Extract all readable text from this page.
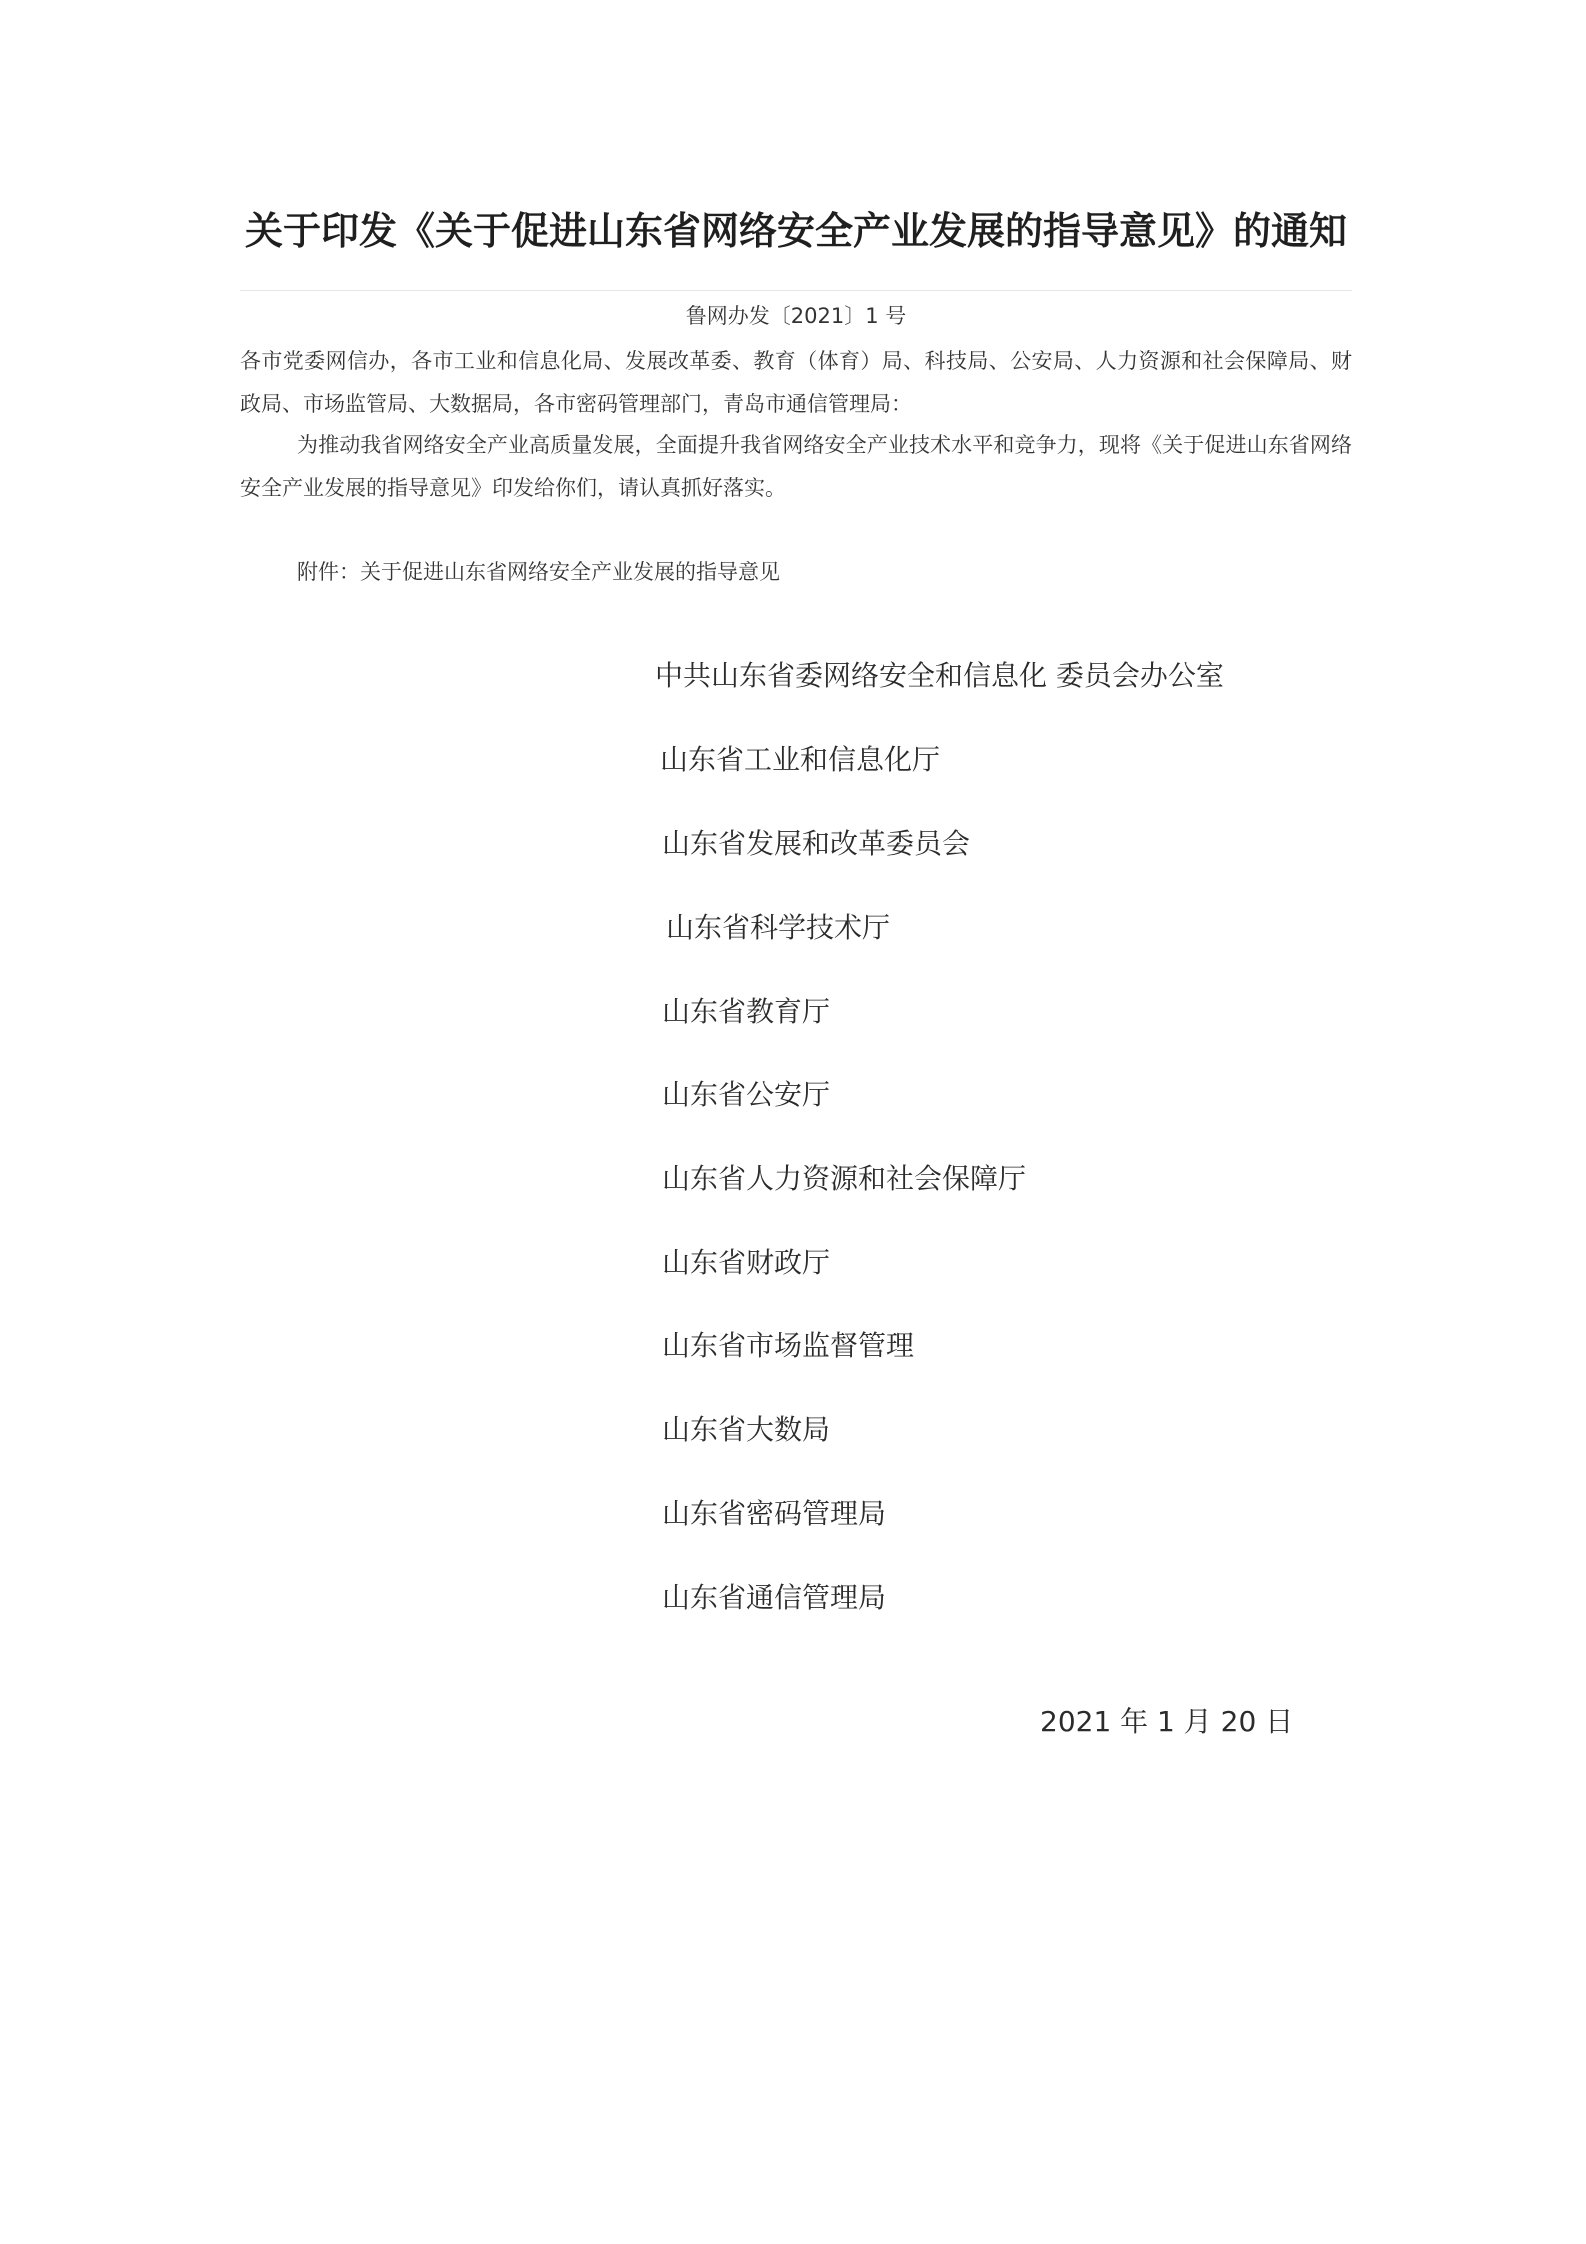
关于印发《关于促进山东省网络安全产业发展的指导意见》的通知
鲁网办发〔2021〕1 号
各市党委网信办，各市工业和信息化局、发展改革委、教育（体育）局、科技局、公安局、人力资源和社会保障局、财政局、市场监管局、大数据局，各市密码管理部门，青岛市通信管理局：
为推动我省网络安全产业高质量发展，全面提升我省网络安全产业技术水平和竞争力，现将《关于促进山东省网络安全产业发展的指导意见》印发给你们，请认真抓好落实。
附件：关于促进山东省网络安全产业发展的指导意见
中共山东省委网络安全和信息化 委员会办公室
山东省工业和信息化厅
山东省发展和改革委员会
山东省科学技术厅
山东省教育厅
山东省公安厅
山东省人力资源和社会保障厅
山东省财政厅
山东省市场监督管理
山东省大数局
山东省密码管理局
山东省通信管理局
2021 年 1 月 20 日
